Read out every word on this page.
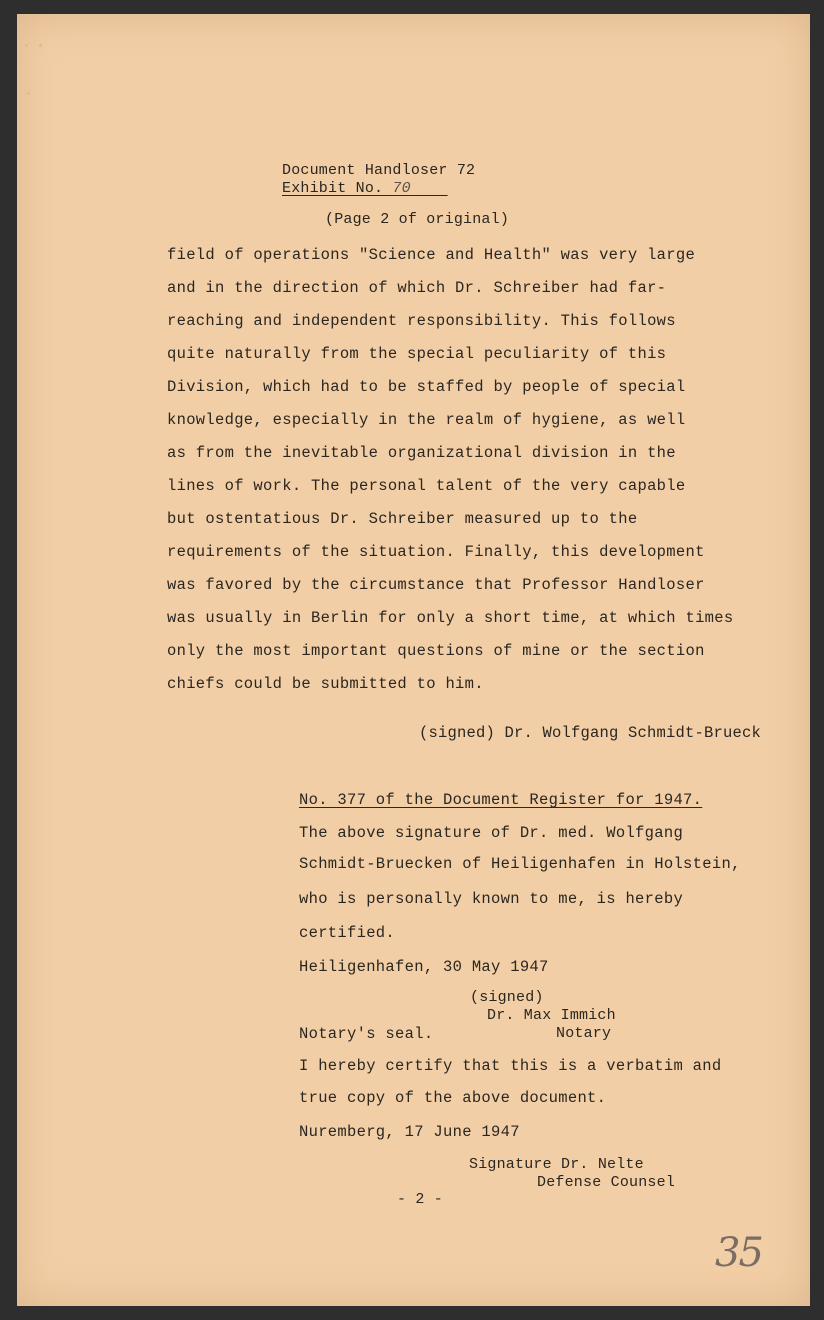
Document Handloser 72
Exhibit No. 70
(Page 2 of original)
field of operations "Science and Health" was very large
and in the direction of which Dr. Schreiber had far-
reaching and independent responsibility. This follows
quite naturally from the special peculiarity of this
Division, which had to be staffed by people of special
knowledge, especially in the realm of hygiene, as well
as from the inevitable organizational division in the
lines of work. The personal talent of the very capable
but ostentatious Dr. Schreiber measured up to the
requirements of the situation. Finally, this development
was favored by the circumstance that Professor Handloser
was usually in Berlin for only a short time, at which times
only the most important questions of mine or the section
chiefs could be submitted to him.
(signed) Dr. Wolfgang Schmidt-Brueck
No. 377 of the Document Register for 1947.
The above signature of Dr. med. Wolfgang
Schmidt-Bruecken of Heiligenhafen in Holstein,
who is personally known to me, is hereby
certified.
Heiligenhafen, 30 May 1947
(signed)
Dr. Max Immich
Notary's seal.	Notary
I hereby certify that this is a verbatim and
true copy of the above document.
Nuremberg, 17 June 1947
Signature Dr. Nelte
Defense Counsel
- 2 -
35
